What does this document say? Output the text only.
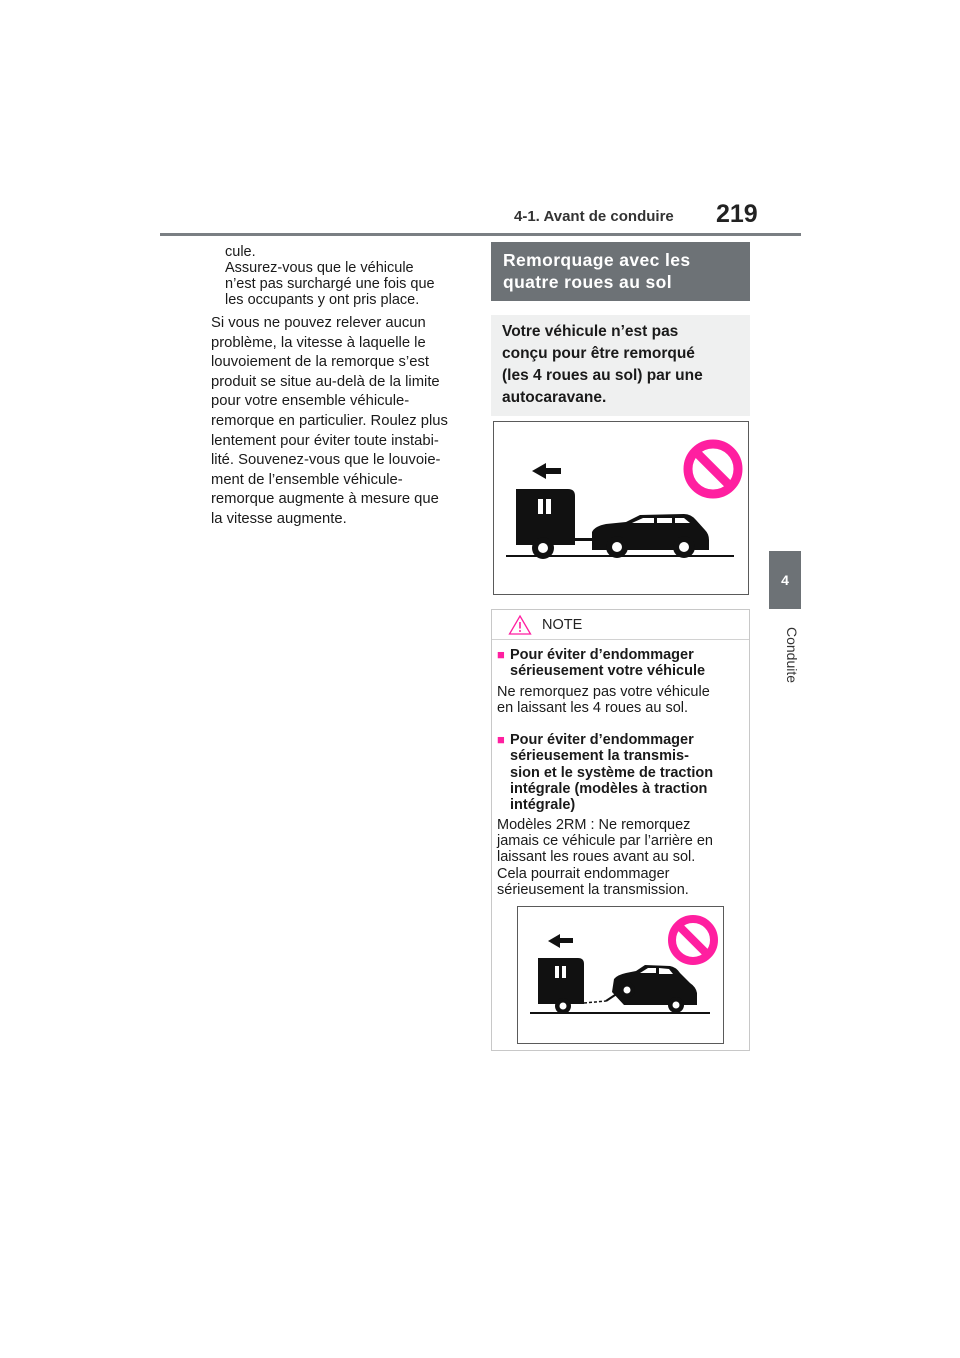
4-1. Avant de conduire 219
4
Conduite

cule.

Assurez-vous que le véhicule

n’est pas surchargé une fois que

les occupants y ont pris place.

Si vous ne pouvez relever aucun
problème, la vitesse à laquelle le
louvoiement de la remorque s’est
produit se situe au-delà de la limite
pour votre ensemble véhicule-
remorque en particulier. Roulez plus
lentement pour éviter toute instabi-
lité. Souvenez-vous que le louvoie-
ment de l’ensemble véhicule-
remorque augmente à mesure que
la vitesse augmente.
Remorquage avec les
quatre roues au sol
Votre véhicule n’est pas
conçu pour être remorqué
(les 4 roues au sol) par une
autocaravane.
NOTE
■ Pour éviter d’endommager
sérieusement votre véhicule
Ne remorquez pas votre véhicule
en laissant les 4 roues au sol.
■ Pour éviter d’endommager
sérieusement la transmis-
sion et le système de traction
intégrale (modèles à traction
intégrale)
Modèles 2RM : Ne remorquez
jamais ce véhicule par l’arrière en
laissant les roues avant au sol.
Cela pourrait endommager
sérieusement la transmission.
